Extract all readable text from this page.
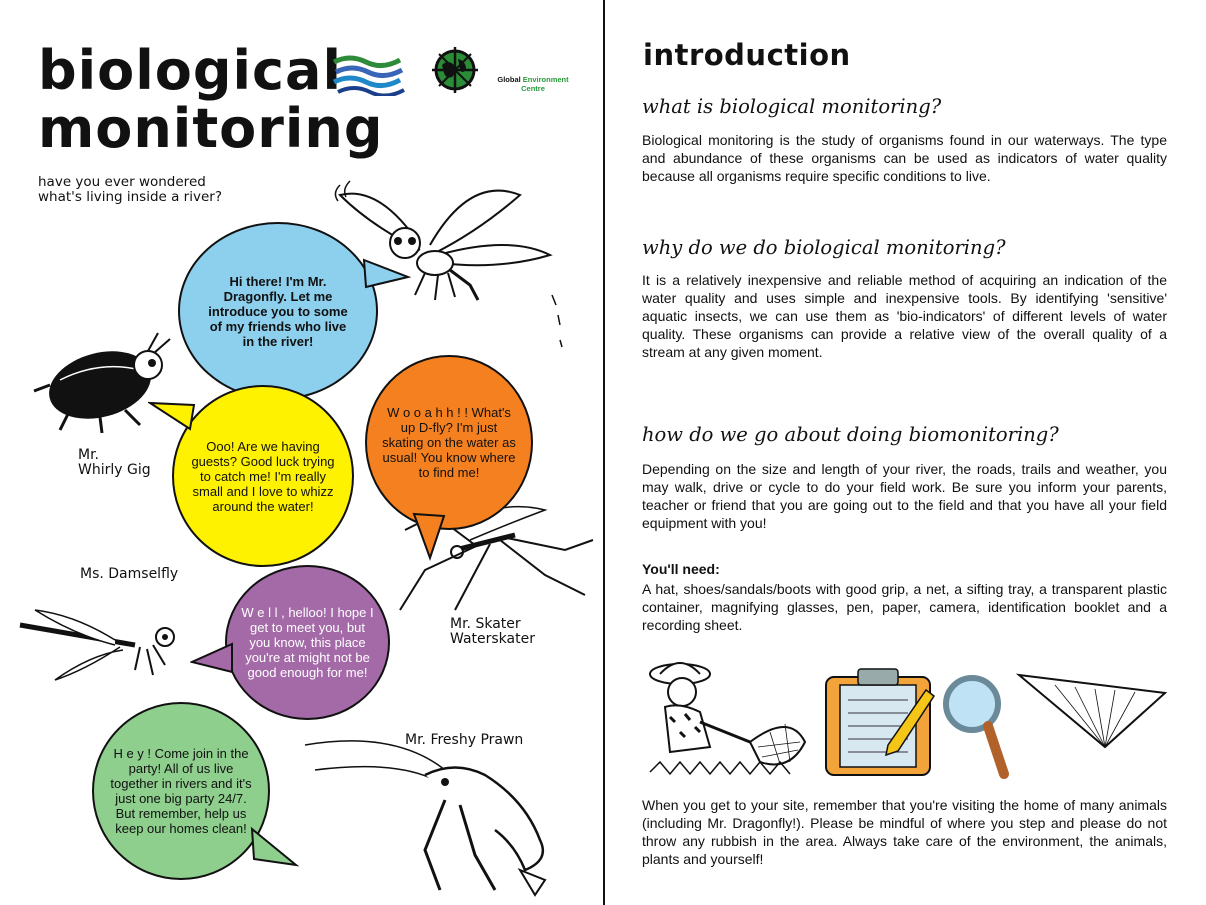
biological
monitoring
Global Environment
Centre
have you ever wondered what's living inside a river?
Hi there! I'm Mr. Dragonfly. Let me introduce you to some of my friends who live in the river!
Ooo! Are we having guests? Good luck trying to catch me! I'm really small and I love to whizz around the water!
W o o a h h ! ! What's up D-fly? I'm just skating on the water as usual! You know where to find me!
W e l l , helloo! I hope I get to meet you, but you know, this place you're at might not be good enough for me!
H e y ! Come join in the party! All of us live together in rivers and it's just one big party 24/7. But remember, help us keep our homes clean!
Mr.
Whirly Gig
Ms. Damselfly
Mr. Skater
Waterskater
Mr. Freshy Prawn
introduction
what is biological monitoring?

Biological monitoring is the study of organisms found in our waterways. The type and abundance of these organisms can be used as indicators of water quality because all organisms require specific conditions to live.

why do we do biological monitoring?

It is a relatively inexpensive and reliable method of acquiring an indication of the water quality and uses simple and inexpensive tools. By identifying 'sensitive' aquatic insects, we can use them as 'bio-indicators' of different levels of water quality. These organisms can provide a relative view of the overall quality of a stream at any given moment.

how do we go about doing biomonitoring?

Depending on the size and length of your river, the roads, trails and weather, you may walk, drive or cycle to do your field work. Be sure you inform your parents, teacher or friend that you are going out to the field and that you have all your field equipment with you!

You'll need:

A hat, shoes/sandals/boots with good grip, a net, a sifting tray, a transparent plastic container, magnifying glasses, pen, paper, camera, identification booklet and a recording sheet.

When you get to your site, remember that you're visiting the home of many animals (including Mr. Dragonfly!). Please be mindful of where you step and please do not throw any rubbish in the area. Always take care of the environment, the animals, plants and yourself!
